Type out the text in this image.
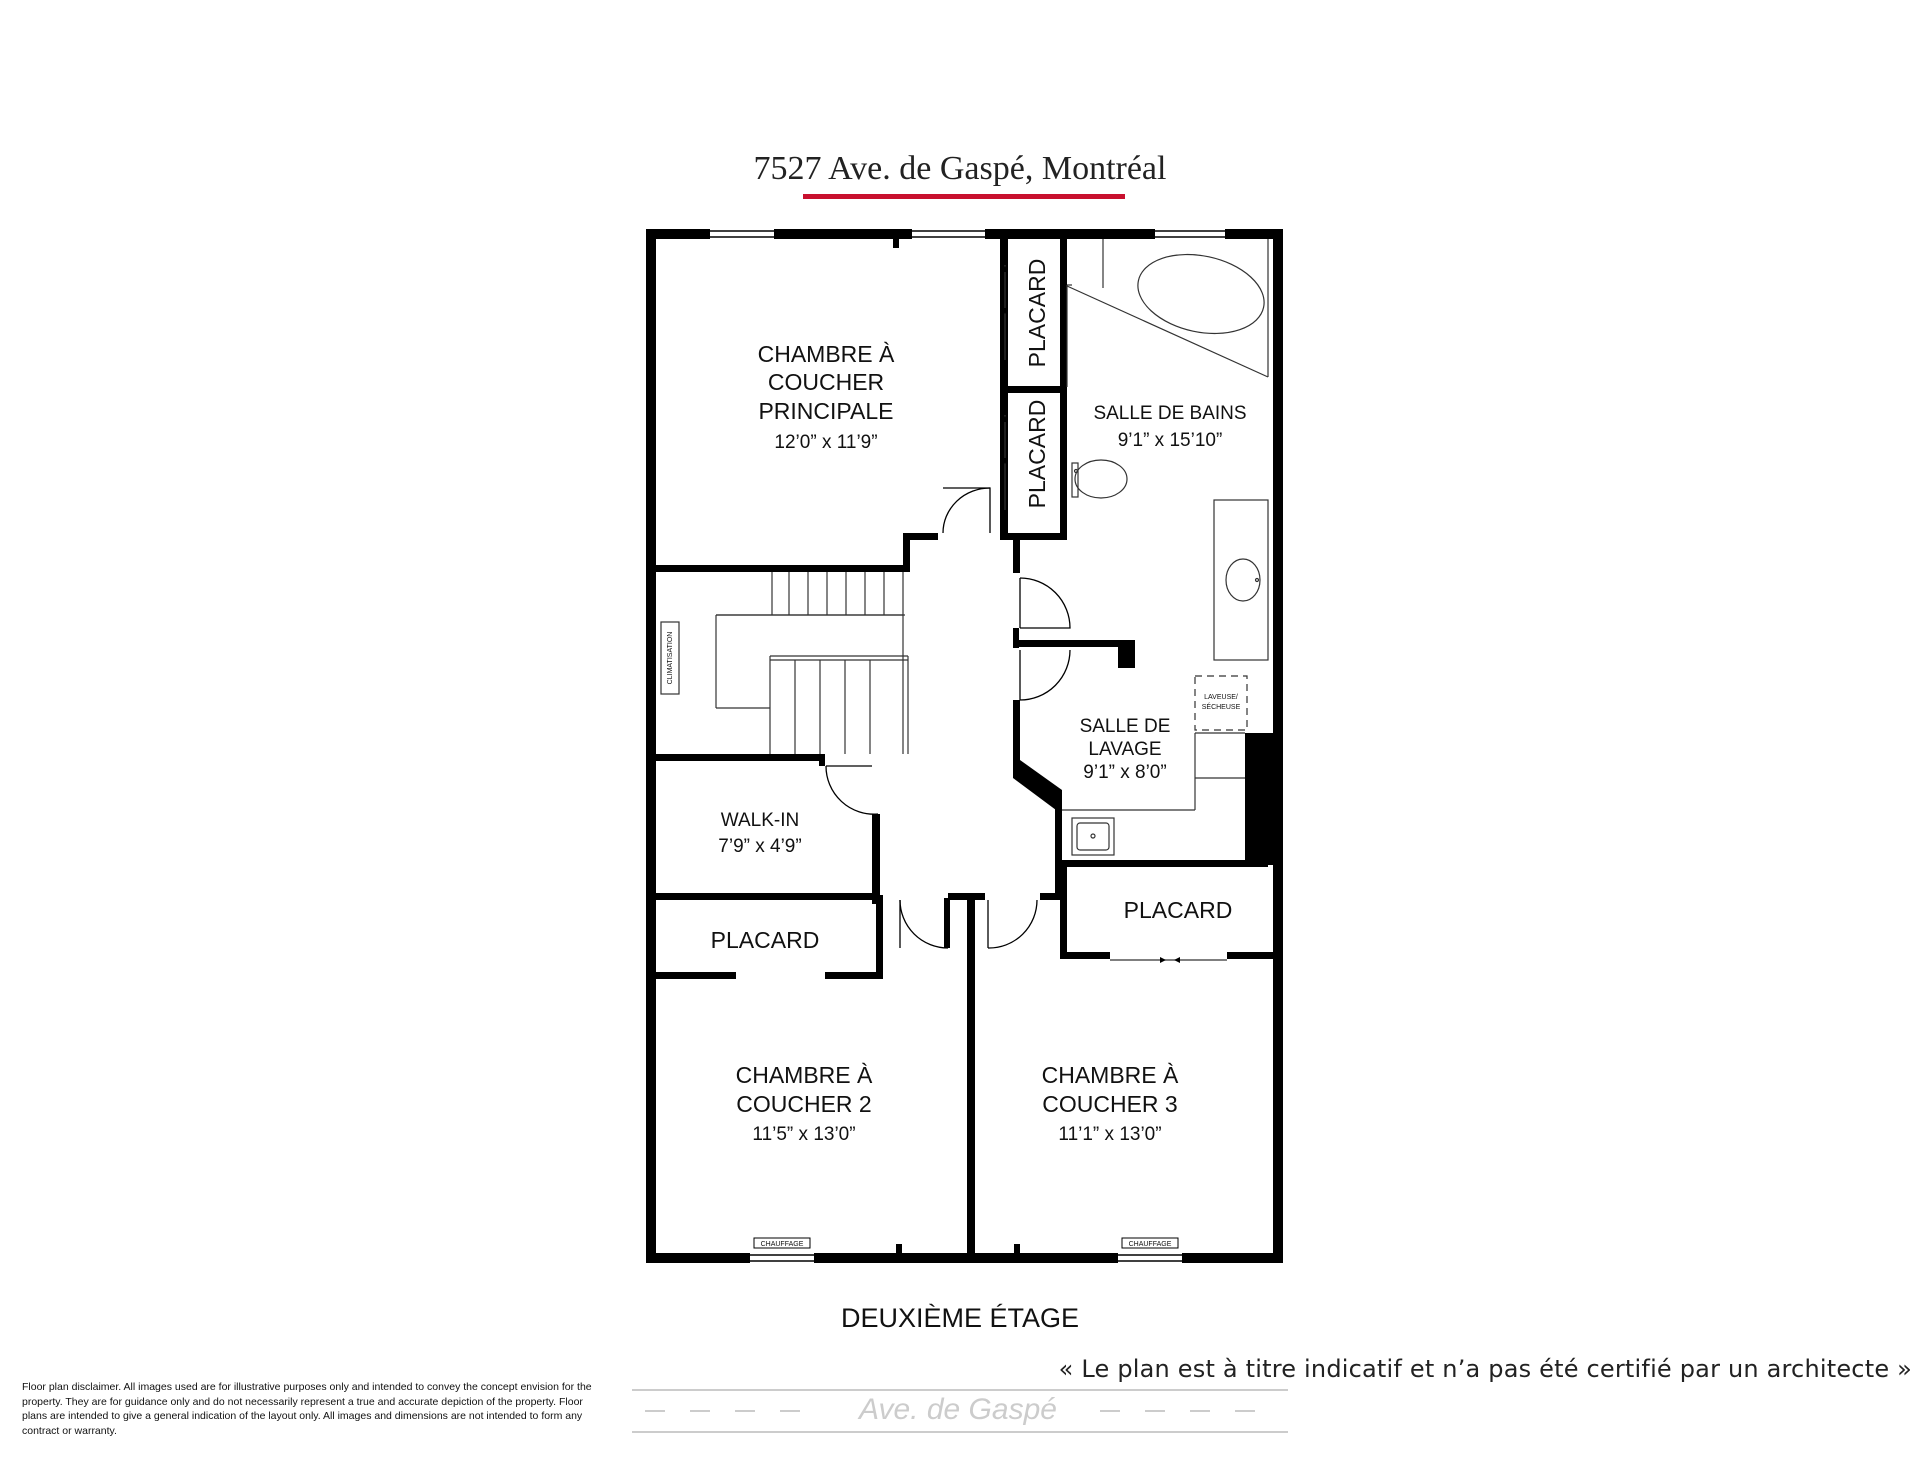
7527 Ave. de Gaspé, Montréal
CHAMBRE À
COUCHER
PRINCIPALE
12’0” x 11’9”
PLACARD
PLACARD SALLE DE BAINS
9’1” x 15’10”
CLIMATISATION
SALLE DE
LAVAGE
9’1” x 8’0”
LAVEUSE/
SÉCHEUSE
WALK-IN
7’9” x 4’9”
PLACARD
PLACARD
CHAMBRE À
COUCHER 2
11’5” x 13’0”
CHAMBRE À
COUCHER 3
11’1” x 13’0”
CHAUFFAGE	CHAUFFAGE
DEUXIÈME ÉTAGE
« Le plan est à titre indicatif et n’a pas été certifié par un architecte »
Floor plan disclaimer. All images used are for illustrative purposes only and intended to convey the concept envision for the property. They are for guidance only and do not necessarily represent a true and accurate depiction of the property. Floor plans are intended to give a general indication of the layout only. All images and dimensions are not intended to form any contract or warranty.
Ave. de Gaspé
